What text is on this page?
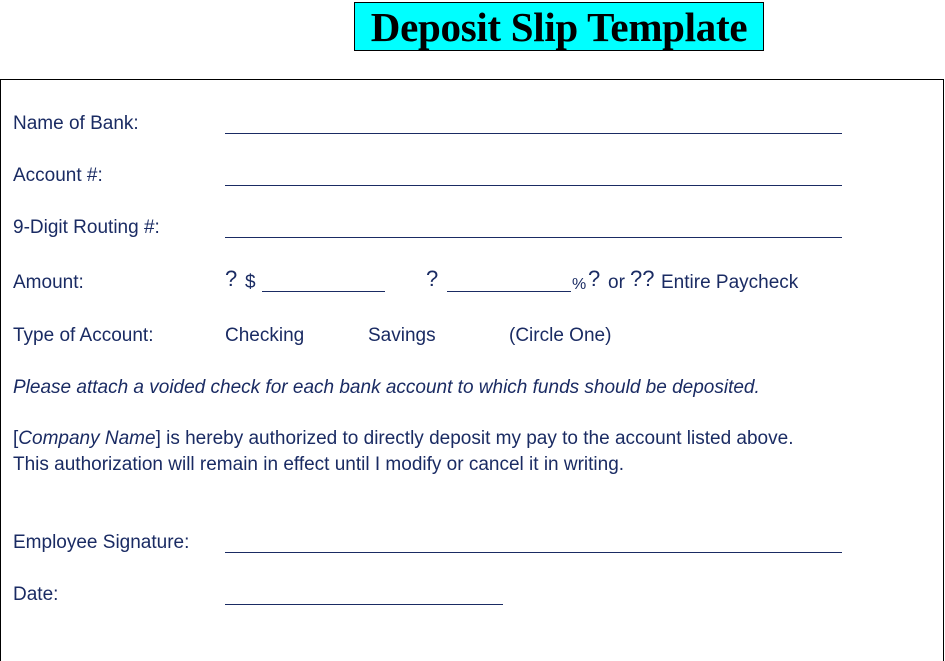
Deposit Slip Template
Name of Bank:
Account #:
9-Digit Routing #:
Amount:	? $	?	% ? or ?? Entire Paycheck
Type of Account:	Checking	Savings	(Circle One)
Please attach a voided check for each bank account to which funds should be deposited.
[Company Name] is hereby authorized to directly deposit my pay to the account listed above.
This authorization will remain in effect until I modify or cancel it in writing.
Employee Signature:
Date:
